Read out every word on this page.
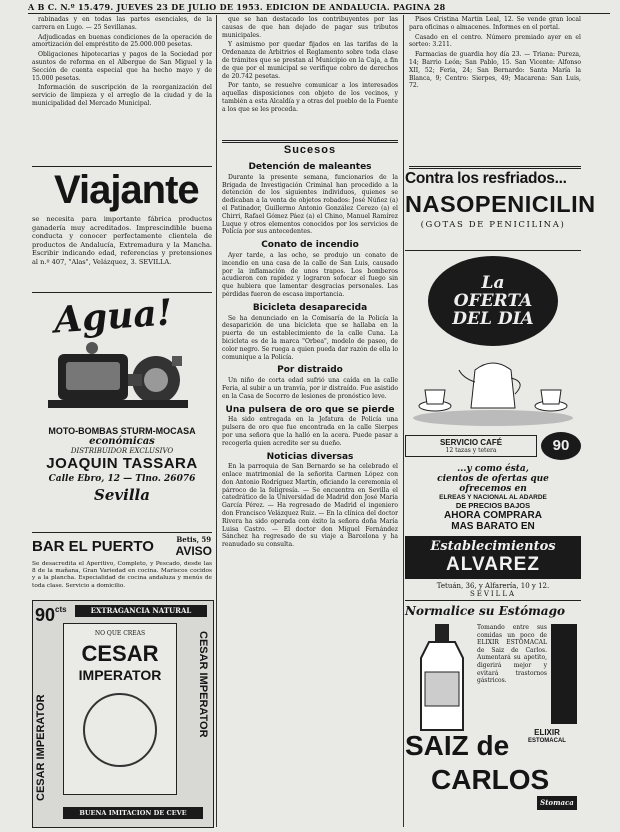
A B C. N.º 15.479. JUEVES 23 DE JULIO DE 1953. EDICION DE ANDALUCIA. PAGINA 28

rabinadas y en todas las partes esenciales, de la carrera en Lugo. — 25 Sevillanas.

Adjudicadas en buenas condiciones de la operación de amortización del empréstito de 25.000.000 pesetas.

Obligaciones hipotecarias y pagos de la Sociedad por asuntos de reforma en el Albergue de San Miguel y la Sección de cuenta especial que ha hecho mayo y de 15.000 pesetas.

Información de suscripción de la reorganización del servicio de limpieza y el arreglo de la ciudad y de la municipalidad del Mercado Municipal.

Viajante
se necesita para importante fábrica productos ganadería muy acreditados. Imprescindible buena conducta y conocer perfectamente clientela de productos de Andalucía, Extremadura y la Mancha. Escribir indicando edad, referencias y pretensiones al n.º 407, "Alas", Velázquez, 3. SEVILLA.
Agua!
MOTO-BOMBAS STURM-MOCASA
económicas
DISTRIBUIDOR EXCLUSIVO
JOAQUIN TASSARA
Calle Ebro, 12 — Tlno. 26076
Sevilla
BAR EL PUERTO	Betis, 59
AVISO
Se desacredita el Aperitivo, Completo, y Pescado, desde las 8 de la mañana, Gran Variedad en cocina. Mariscos cocidos y a la plancha. Especialidad de cocina andaluza y menús de toda clase. Servicio a domicilio.
$90^{cts}$	EXTRAGANCIA NATURAL
CESAR IMPERATOR
CESAR IMPERATOR
NO QUE CREAS
CESAR
IMPERATOR
BUENA IMITACION DE CEVE

que se han destacado los contribuyentes por las causas de que han dejado de pagar sus tributos municipales.

Y asimismo por quedar fijados en las tarifas de la Ordenanza de Arbitrios el Reglamento sobre toda clase de trámites que se prestan al Municipio en la Caja, a fin de que por el municipal se verifique cobro de derechos de 20.742 pesetas.

Por tanto, se resuelve comunicar a los interesados aquellas disposiciones con objeto de los vecinos, y también a esta Alcaldía y a otras del pueblo de la Fuente a los que se les proceda.

Sucesos
Detención de maleantes

Durante la presente semana, funcionarios de la Brigada de Investigación Criminal han procedido a la detención de los siguientes individuos, quienes se dedicaban a la venta de objetos robados: José Núñez (a) el Patinador, Guillermo Antonio González Cerezo (a) el Chirri, Rafael Gómez Páez (a) el Chino, Manuel Ramírez Luque y otros elementos conocidos por los servicios de Policía por sus antecedentes.

Conato de incendio

Ayer tarde, a las ocho, se produjo un conato de incendio en una casa de la calle de San Luis, causado por la inflamación de unos trapos. Los bomberos acudieron con rapidez y lograron sofocar el fuego sin que hubiera que lamentar desgracias personales. Las pérdidas fueron de escasa importancia.

Bicicleta desaparecida

Se ha denunciado en la Comisaría de la Policía la desaparición de una bicicleta que se hallaba en la puerta de un establecimiento de la calle Cuna. La bicicleta es de la marca "Orbea", modelo de paseo, de color negro. Se ruega a quien pueda dar razón de ella lo comunique a la Policía.

Por distraido

Un niño de corta edad sufrió una caída en la calle Feria, al subir a un tranvía, por ir distraído. Fue asistido en la Casa de Socorro de lesiones de pronóstico leve.

Una pulsera de oro que se pierde

Ha sido entregada en la Jefatura de Policía una pulsera de oro que fue encontrada en la calle Sierpes por una señora que la halló en la acera. Puede pasar a recogerla quien acredite ser su dueño.

Noticias diversas

En la parroquia de San Bernardo se ha celebrado el enlace matrimonial de la señorita Carmen López con don Antonio Rodríguez Martín, oficiando la ceremonia el párroco de la feligresía. — Se encuentra en Sevilla el catedrático de la Universidad de Madrid don José María García Pérez. — Ha regresado de Madrid el ingeniero don Francisco Velázquez Ruiz. — En la clínica del doctor Rivera ha sido operada con éxito la señora doña María Luisa Castro. — El doctor don Miguel Fernández Sánchez ha regresado de su viaje a Barcelona y ha reanudado su consulta.

Pisos Cristina Martín Leal, 12. Se vende gran local para oficinas o almacenes. Informes en el portal.

Casado en el centro. Número premiado ayer en el sorteo: 3.211.

Farmacias de guardia hoy día 23. — Triana: Pureza, 14; Barrio León; San Pablo, 15. San Vicente: Alfonso XII, 52; Feria, 24; San Bernardo: Santa María la Blanca, 9; Centro: Sierpes, 49; Macarena: San Luis, 72.

Contra los resfriados...
NASOPENICILIN
(GOTAS DE PENICILINA)
La OFERTA DEL DIA
SERVICIO CAFÉ
12 tazas y tetera	90
...y como ésta,
cientos de ofertas que
ofrecemos en
ELREAS Y NACIONAL AL ADARDE
DE PRECIOS BAJOS
AHORA COMPRARA
MAS BARATO EN
Establecimientos
ALVAREZ
Tetuán, 36, y Alfarería, 10 y 12.
SEVILLA
Normalice su Estómago
Tomando entre sus comidas un poco de ELIXIR ESTOMACAL de Saiz de Carlos. Aumentará su apetito, digerirá mejor y evitará trastornos gástricos.
ELIXIR
ESTOMACAL
SAIZ de
CARLOS
Stomaca
